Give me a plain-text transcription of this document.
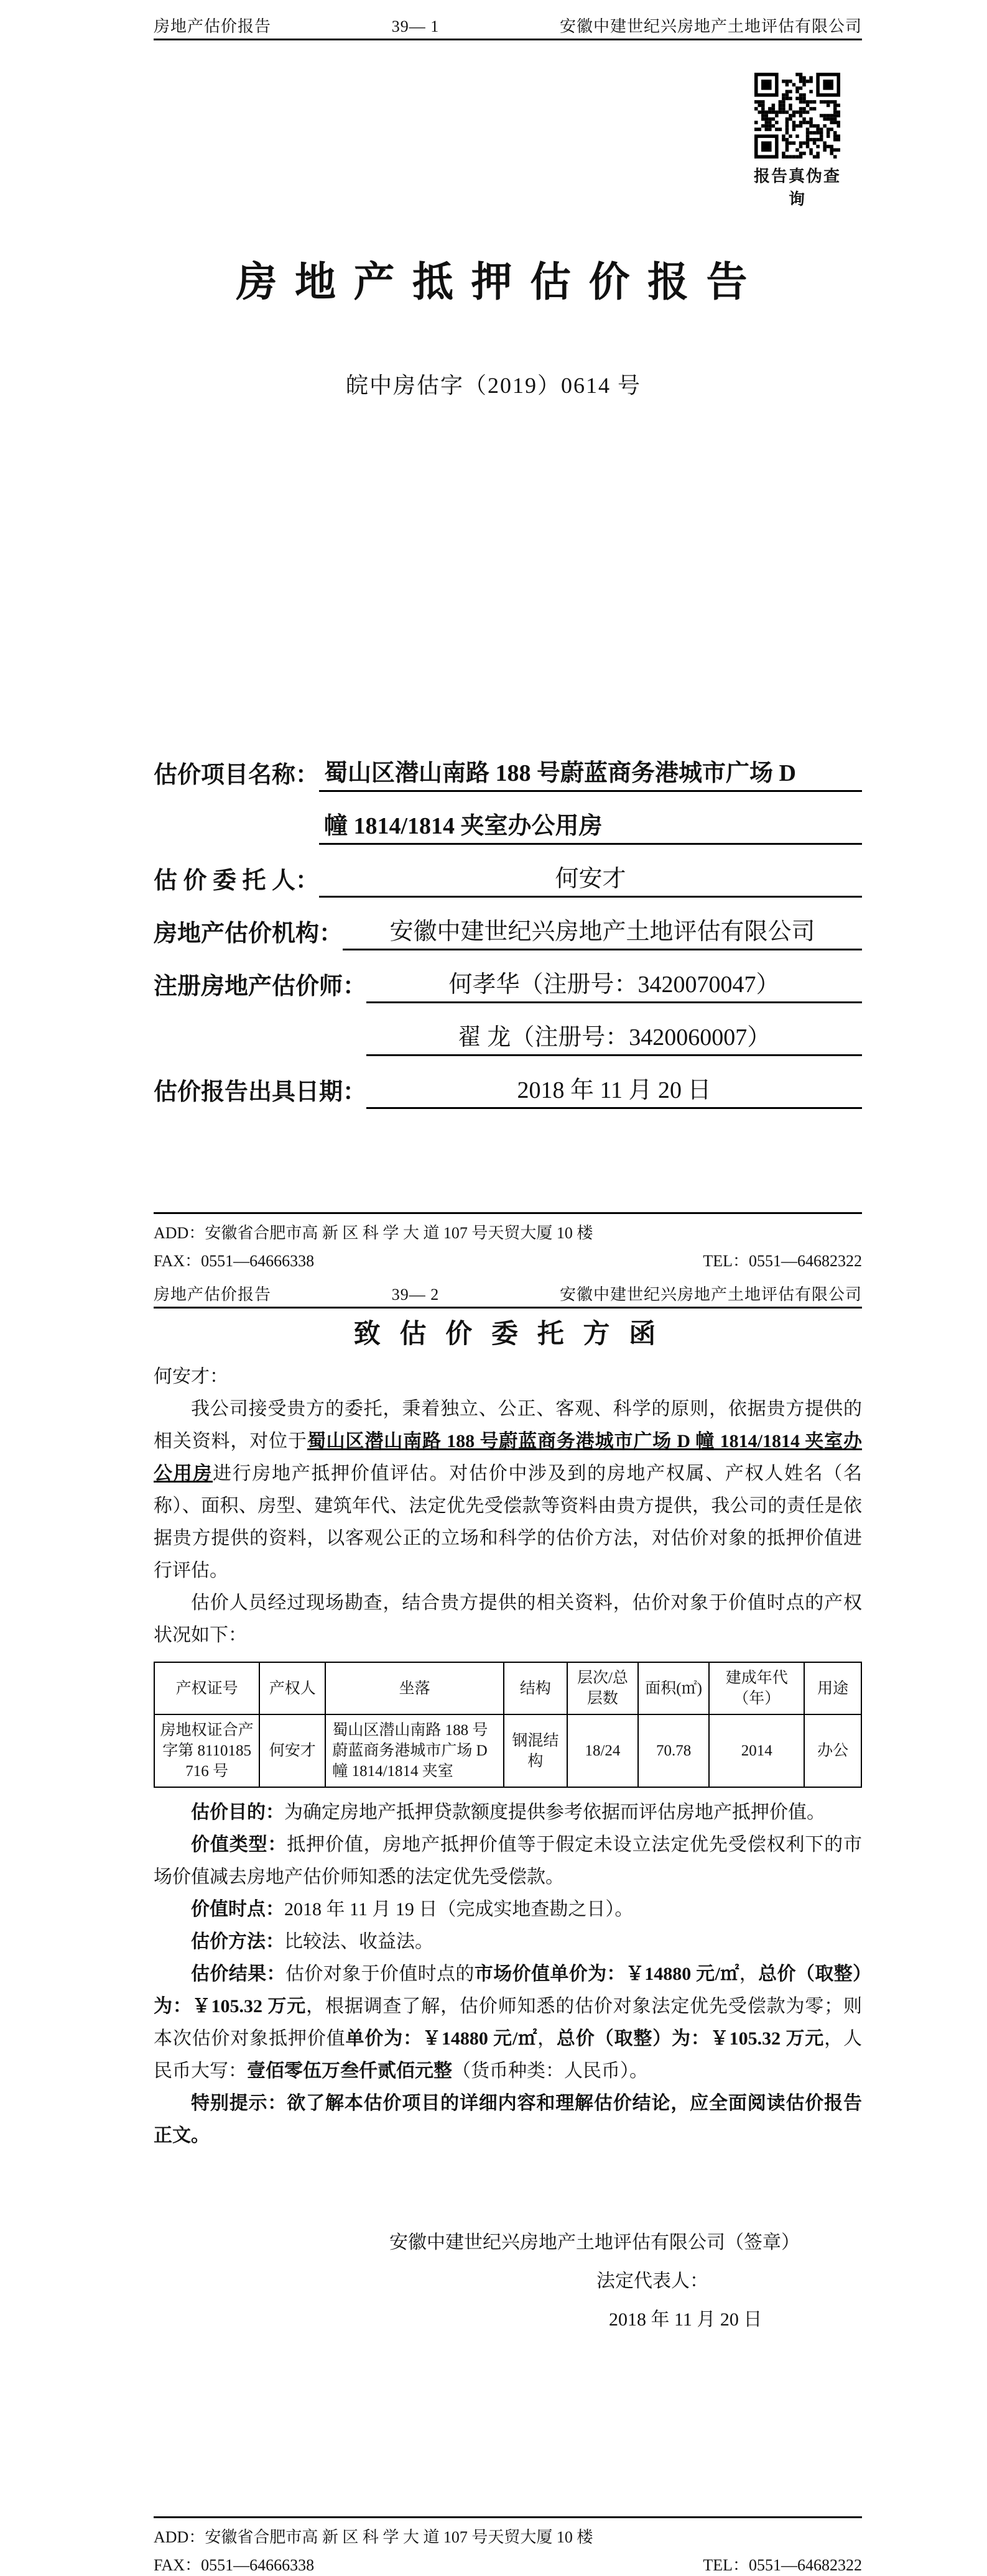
房地产估价报告	39— 1	安徽中建世纪兴房地产土地评估有限公司
报告真伪查询
房 地 产 抵 押 估 价 报 告
皖中房估字（2019）0614 号
估价项目名称： 蜀山区潜山南路 188 号蔚蓝商务港城市广场 D
幢 1814/1814 夹室办公用房
估 价 委 托 人：	何安才
房地产估价机构：	安徽中建世纪兴房地产土地评估有限公司
注册房地产估价师：	何孝华（注册号：3420070047）
翟 龙（注册号：3420060007）
估价报告出具日期：	2018 年 11 月 20 日
ADD：安徽省合肥市高 新 区 科 学 大 道 107 号天贸大厦 10 楼
FAX：0551—64666338	TEL：0551—64682322
房地产估价报告	39— 2	安徽中建世纪兴房地产土地评估有限公司
致 估 价 委 托 方 函

何安才：

我公司接受贵方的委托，秉着独立、公正、客观、科学的原则，依据贵方提供的相关资料，对位于蜀山区潜山南路 188 号蔚蓝商务港城市广场 D 幢 1814/1814 夹室办公用房进行房地产抵押价值评估。对估价中涉及到的房地产权属、产权人姓名（名称）、面积、房型、建筑年代、法定优先受偿款等资料由贵方提供，我公司的责任是依据贵方提供的资料，以客观公正的立场和科学的估价方法，对估价对象的抵押价值进行评估。

估价人员经过现场勘查，结合贵方提供的相关资料，估价对象于价值时点的产权状况如下：

产权证号	产权人	坐落	结构	层次/总层数	面积(㎡)	建成年代（年）	用途
房地权证合产字第 8110185716 号	何安才	蜀山区潜山南路 188 号蔚蓝商务港城市广场 D 幢 1814/1814 夹室	钢混结构	18/24	70.78	2014	办公

估价目的：为确定房地产抵押贷款额度提供参考依据而评估房地产抵押价值。

价值类型：抵押价值，房地产抵押价值等于假定未设立法定优先受偿权利下的市场价值减去房地产估价师知悉的法定优先受偿款。

价值时点：2018 年 11 月 19 日（完成实地查勘之日）。

估价方法：比较法、收益法。

估价结果：估价对象于价值时点的市场价值单价为：￥14880 元/㎡，总价（取整）为：￥105.32 万元，根据调查了解，估价师知悉的估价对象法定优先受偿款为零；则本次估价对象抵押价值单价为：￥14880 元/㎡，总价（取整）为：￥105.32 万元，人民币大写：壹佰零伍万叁仟贰佰元整（货币种类：人民币）。

特别提示：欲了解本估价项目的详细内容和理解估价结论，应全面阅读估价报告正文。

安徽中建世纪兴房地产土地评估有限公司（签章）
法定代表人：
2018 年 11 月 20 日
ADD：安徽省合肥市高 新 区 科 学 大 道 107 号天贸大厦 10 楼
FAX：0551—64666338	TEL：0551—64682322
